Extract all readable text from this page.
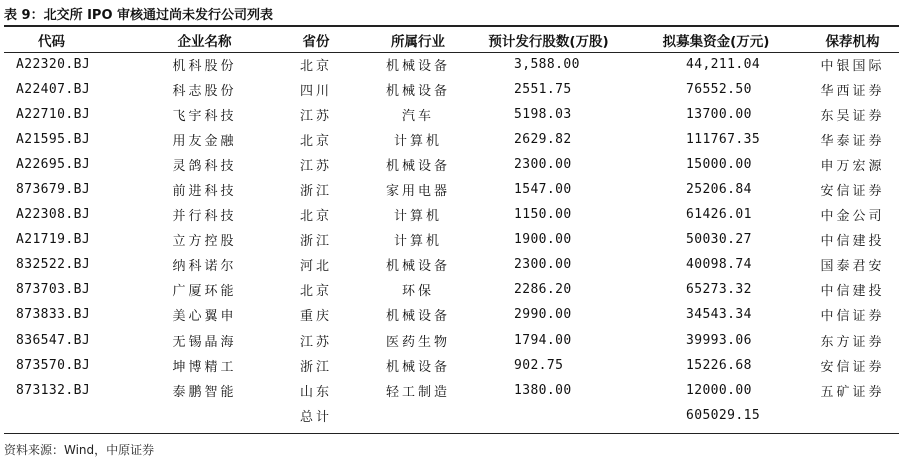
表 9：北交所 IPO 审核通过尚未发行公司列表
代码	企业名称	省份	所属行业	预计发行股数(万股)	拟募集资金(万元)	保荐机构
A22320.BJ	机科股份	北京	机械设备	3,588.00	44,211.04	中银国际
A22407.BJ	科志股份	四川	机械设备	2551.75	76552.50	华西证券
A22710.BJ	飞宇科技	江苏	汽车	5198.03	13700.00	东吴证券
A21595.BJ	用友金融	北京	计算机	2629.82	111767.35	华泰证券
A22695.BJ	灵鸽科技	江苏	机械设备	2300.00	15000.00	申万宏源
873679.BJ	前进科技	浙江	家用电器	1547.00	25206.84	安信证券
A22308.BJ	并行科技	北京	计算机	1150.00	61426.01	中金公司
A21719.BJ	立方控股	浙江	计算机	1900.00	50030.27	中信建投
832522.BJ	纳科诺尔	河北	机械设备	2300.00	40098.74	国泰君安
873703.BJ	广厦环能	北京	环保	2286.20	65273.32	中信建投
873833.BJ	美心翼申	重庆	机械设备	2990.00	34543.34	中信证券
836547.BJ	无锡晶海	江苏	医药生物	1794.00	39993.06	东方证券
873570.BJ	坤博精工	浙江	机械设备	902.75	15226.68	安信证券
873132.BJ	泰鹏智能	山东	轻工制造	1380.00	12000.00	五矿证券
		总计			605029.15	
资料来源：Wind，中原证券
